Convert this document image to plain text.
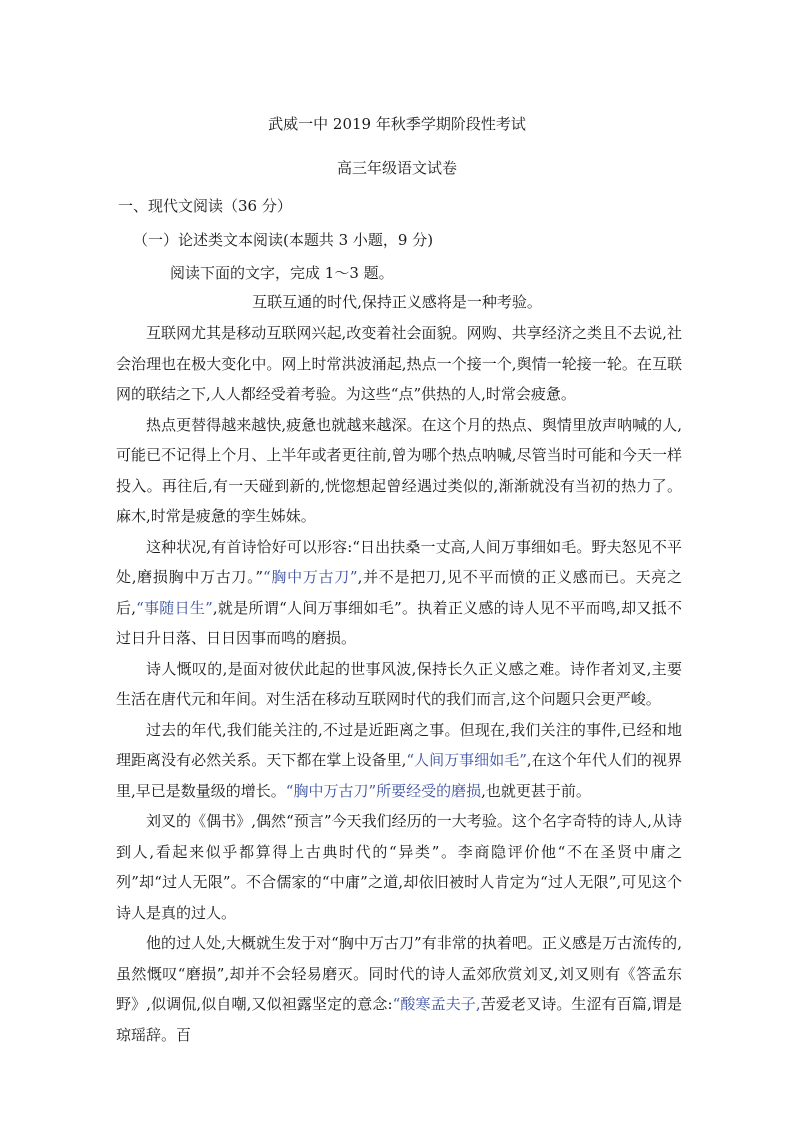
武威一中 2019 年秋季学期阶段性考试
高三年级语文试卷
一、现代文阅读（36 分）
（一）论述类文本阅读(本题共 3 小题，9 分)
阅读下面的文字，完成 1～3 题。
互联互通的时代,保持正义感将是一种考验。

互联网尤其是移动互联网兴起,改变着社会面貌。网购、共享经济之类且不去说,社会治理也在极大变化中。网上时常洪波涌起,热点一个接一个,舆情一轮接一轮。在互联网的联结之下,人人都经受着考验。为这些“点”供热的人,时常会疲惫。

热点更替得越来越快,疲惫也就越来越深。在这个月的热点、舆情里放声呐喊的人,可能已不记得上个月、上半年或者更往前,曾为哪个热点呐喊,尽管当时可能和今天一样投入。再往后,有一天碰到新的,恍惚想起曾经遇过类似的,渐渐就没有当初的热力了。麻木,时常是疲惫的孪生姊妹。

这种状况,有首诗恰好可以形容:“日出扶桑一丈高,人间万事细如毛。野夫怒见不平处,磨损胸中万古刀。”“胸中万古刀”,并不是把刀,见不平而愤的正义感而已。天亮之后,“事随日生”,就是所谓“人间万事细如毛”。执着正义感的诗人见不平而鸣,却又抵不过日升日落、日日因事而鸣的磨损。

诗人慨叹的,是面对彼伏此起的世事风波,保持长久正义感之难。诗作者刘叉,主要生活在唐代元和年间。对生活在移动互联网时代的我们而言,这个问题只会更严峻。

过去的年代,我们能关注的,不过是近距离之事。但现在,我们关注的事件,已经和地理距离没有必然关系。天下都在掌上设备里,“人间万事细如毛”,在这个年代人们的视界里,早已是数量级的增长。“胸中万古刀”所要经受的磨损,也就更甚于前。

刘叉的《偶书》,偶然“预言”今天我们经历的一大考验。这个名字奇特的诗人,从诗到人,看起来似乎都算得上古典时代的“异类”。李商隐评价他“不在圣贤中庸之列”却“过人无限”。不合儒家的“中庸”之道,却依旧被时人肯定为“过人无限”,可见这个诗人是真的过人。

他的过人处,大概就生发于对“胸中万古刀”有非常的执着吧。正义感是万古流传的,虽然慨叹“磨损”,却并不会轻易磨灭。同时代的诗人孟郊欣赏刘叉,刘叉则有《答孟东野》,似调侃,似自嘲,又似袒露坚定的意念:“酸寒孟夫子,苦爱老叉诗。生涩有百篇,谓是琼瑶辞。百
